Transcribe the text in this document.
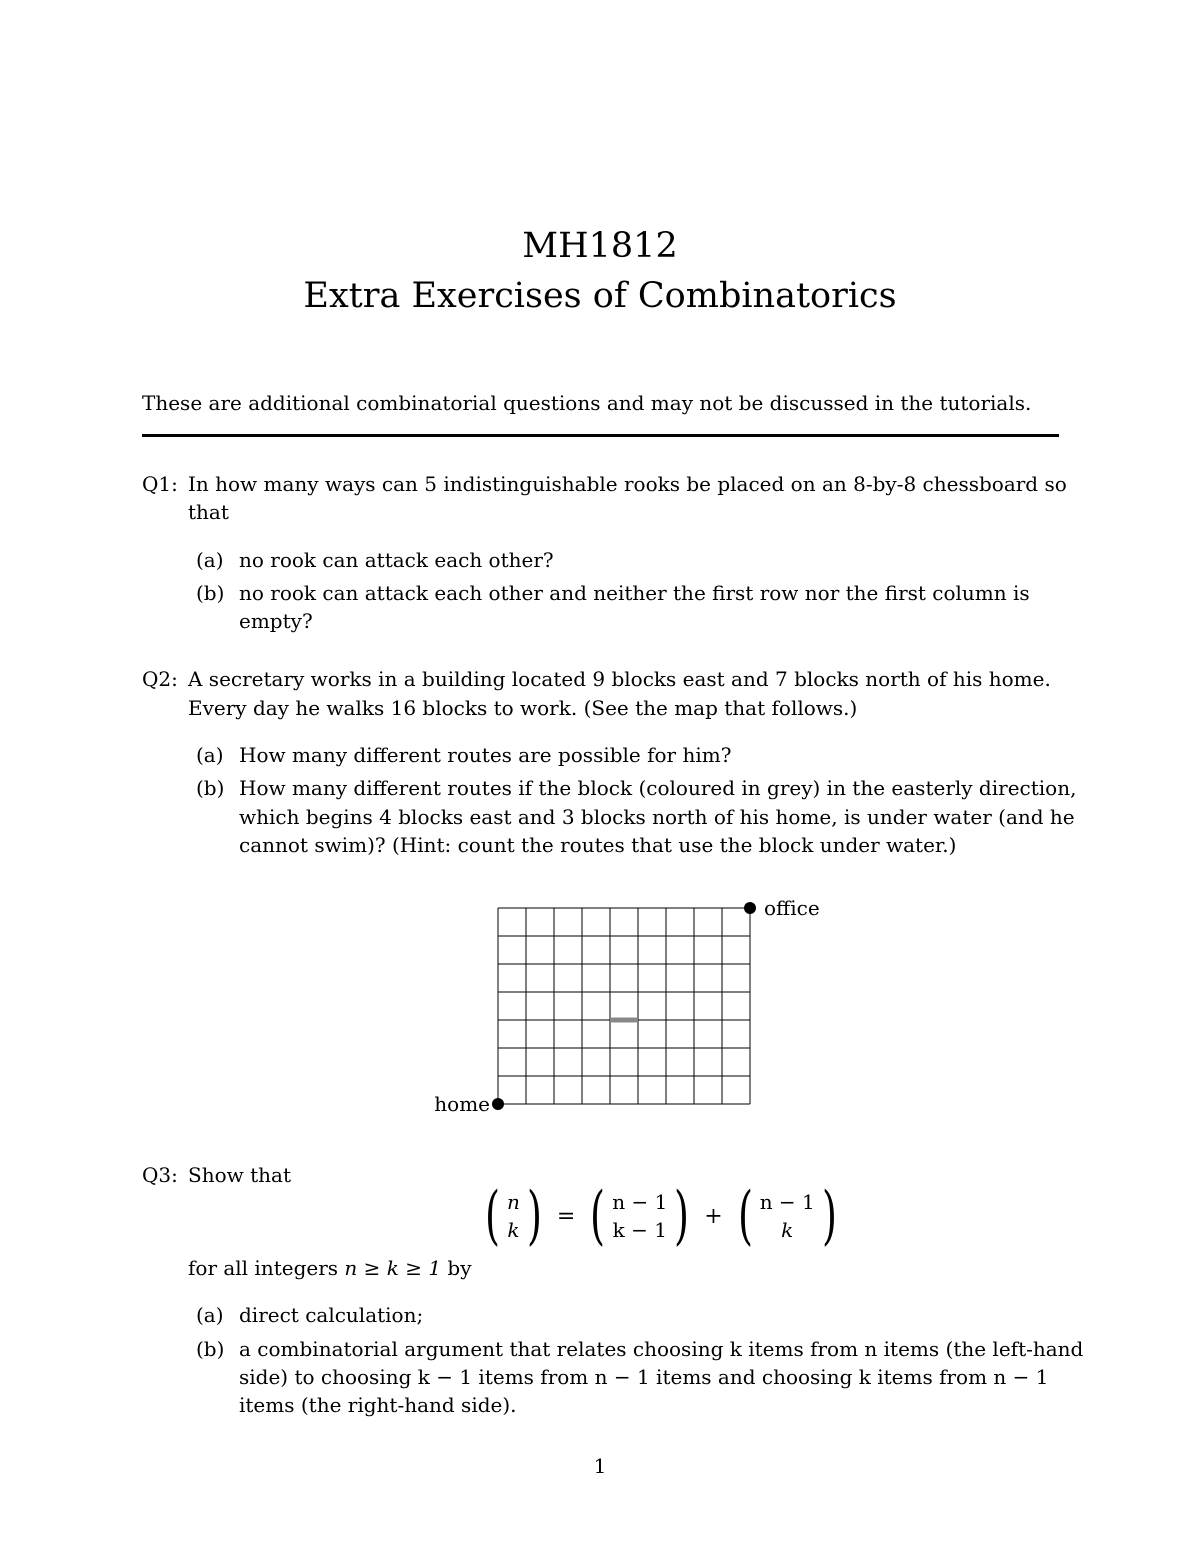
MH1812
Extra Exercises of Combinatorics
These are additional combinatorial questions and may not be discussed in the tutorials.
Q1: In how many ways can 5 indistinguishable rooks be placed on an 8-by-8 chessboard so
that
(a) no rook can attack each other?
(b) no rook can attack each other and neither the first row nor the first column is
empty?
Q2: A secretary works in a building located 9 blocks east and 7 blocks north of his home.
Every day he walks 16 blocks to work. (See the map that follows.)
(a) How many different routes are possible for him?
(b) How many different routes if the block (coloured in grey) in the easterly direction,
which begins 4 blocks east and 3 blocks north of his home, is under water (and he
cannot swim)? (Hint: count the routes that use the block under water.)
office
home
Q3: Show that
( n
k ) = ( n − 1
k − 1 ) + ( n − 1
k )
for all integers n ≥ k ≥ 1 by
(a) direct calculation;
(b) a combinatorial argument that relates choosing k items from n items (the left-hand
side) to choosing k − 1 items from n − 1 items and choosing k items from n − 1
items (the right-hand side).
1
